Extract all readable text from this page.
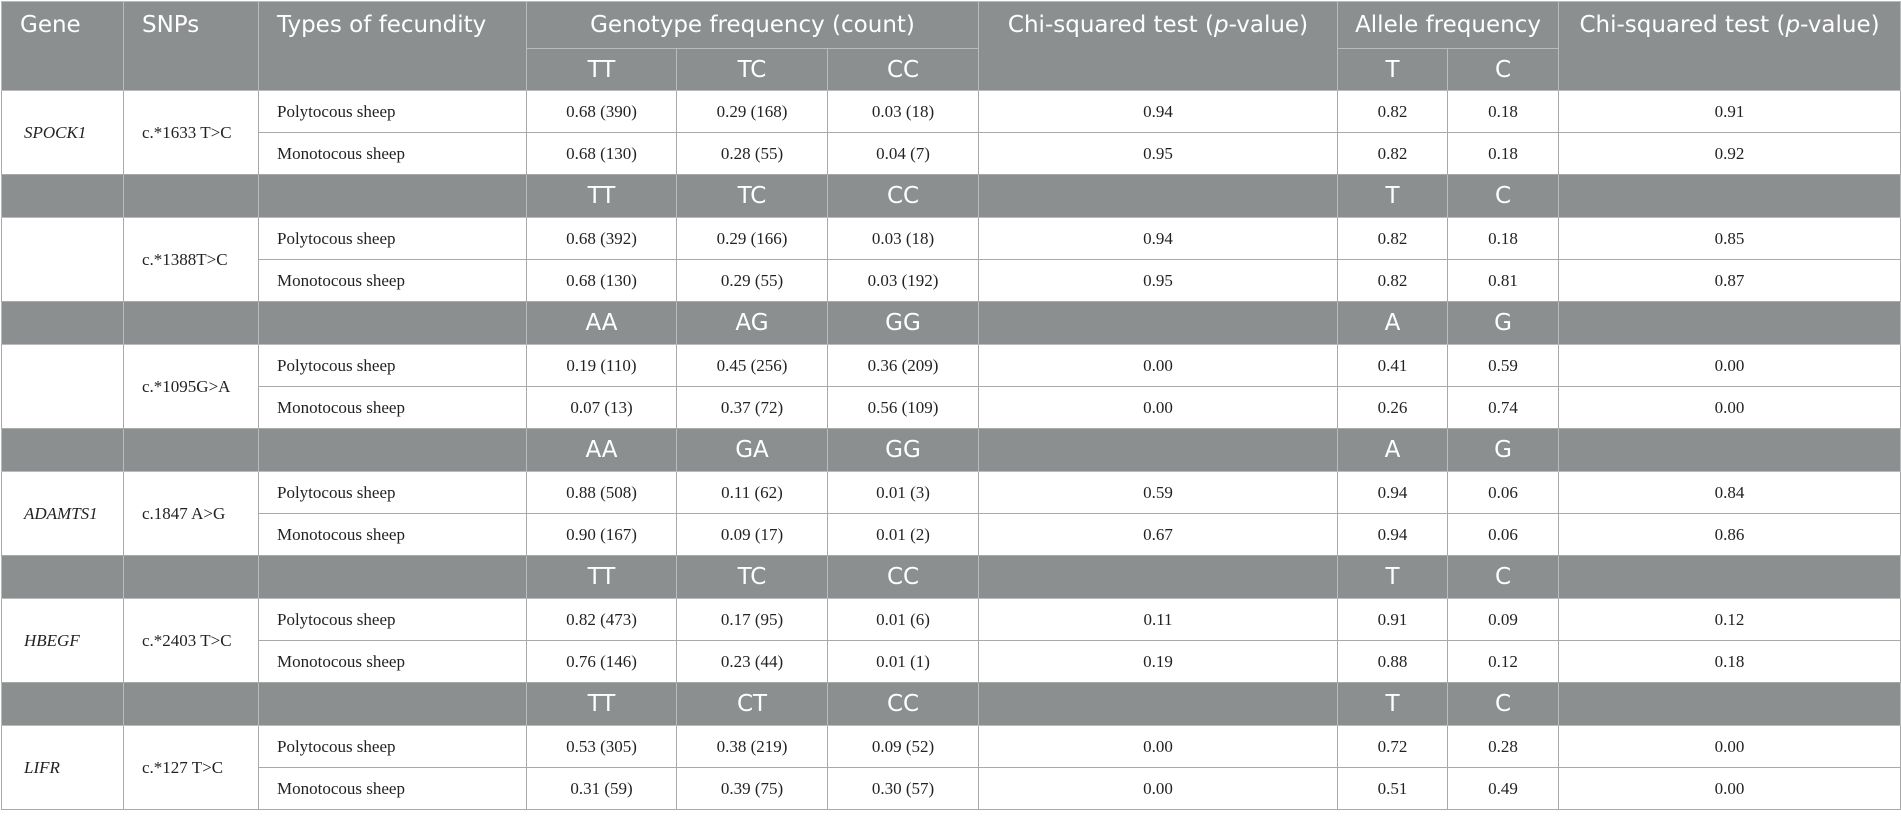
Gene	SNPs	Types of fecundity	Genotype frequency (count)			Chi-squared test (p-value)	Allele frequency		Chi-squared test (p-value)
			TT	TC	CC		T	C	
SPOCK1	c.*1633 T>C	Polytocous sheep	0.68 (390)	0.29 (168)	0.03 (18)	0.94	0.82	0.18	0.91
		Monotocous sheep	0.68 (130)	0.28 (55)	0.04 (7)	0.95	0.82	0.18	0.92
			TT	TC	CC		T	C	
	c.*1388T>C	Polytocous sheep	0.68 (392)	0.29 (166)	0.03 (18)	0.94	0.82	0.18	0.85
		Monotocous sheep	0.68 (130)	0.29 (55)	0.03 (192)	0.95	0.82	0.81	0.87
			AA	AG	GG		A	G	
	c.*1095G>A	Polytocous sheep	0.19 (110)	0.45 (256)	0.36 (209)	0.00	0.41	0.59	0.00
		Monotocous sheep	0.07 (13)	0.37 (72)	0.56 (109)	0.00	0.26	0.74	0.00
			AA	GA	GG		A	G	
ADAMTS1	c.1847 A>G	Polytocous sheep	0.88 (508)	0.11 (62)	0.01 (3)	0.59	0.94	0.06	0.84
		Monotocous sheep	0.90 (167)	0.09 (17)	0.01 (2)	0.67	0.94	0.06	0.86
			TT	TC	CC		T	C	
HBEGF	c.*2403 T>C	Polytocous sheep	0.82 (473)	0.17 (95)	0.01 (6)	0.11	0.91	0.09	0.12
		Monotocous sheep	0.76 (146)	0.23 (44)	0.01 (1)	0.19	0.88	0.12	0.18
			TT	CT	CC		T	C	
LIFR	c.*127 T>C	Polytocous sheep	0.53 (305)	0.38 (219)	0.09 (52)	0.00	0.72	0.28	0.00
		Monotocous sheep	0.31 (59)	0.39 (75)	0.30 (57)	0.00	0.51	0.49	0.00
